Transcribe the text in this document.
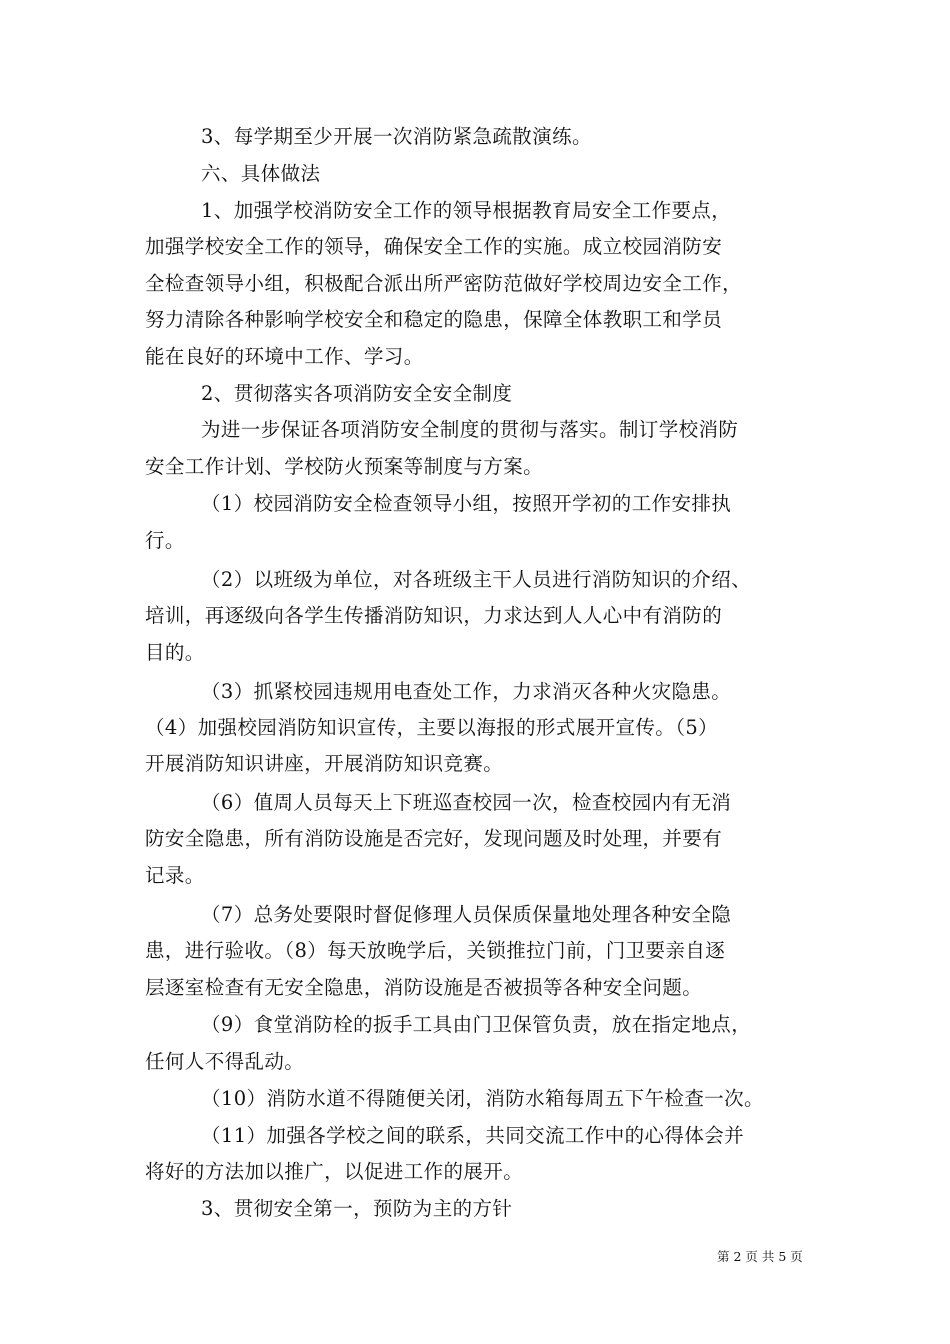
3、每学期至少开展一次消防紧急疏散演练。
六、具体做法
1、加强学校消防安全工作的领导根据教育局安全工作要点，
加强学校安全工作的领导，确保安全工作的实施。成立校园消防安
全检查领导小组，积极配合派出所严密防范做好学校周边安全工作，
努力清除各种影响学校安全和稳定的隐患，保障全体教职工和学员
能在良好的环境中工作、学习。
2、贯彻落实各项消防安全安全制度
为进一步保证各项消防安全制度的贯彻与落实。制订学校消防
安全工作计划、学校防火预案等制度与方案。
（1）校园消防安全检查领导小组，按照开学初的工作安排执
行。
（2）以班级为单位，对各班级主干人员进行消防知识的介绍、
培训，再逐级向各学生传播消防知识，力求达到人人心中有消防的
目的。
（3）抓紧校园违规用电查处工作，力求消灭各种火灾隐患。
（4）加强校园消防知识宣传，主要以海报的形式展开宣传。（5）
开展消防知识讲座，开展消防知识竞赛。
（6）值周人员每天上下班巡查校园一次，检查校园内有无消
防安全隐患，所有消防设施是否完好，发现问题及时处理，并要有
记录。
（7）总务处要限时督促修理人员保质保量地处理各种安全隐
患，进行验收。（8）每天放晚学后，关锁推拉门前，门卫要亲自逐
层逐室检查有无安全隐患，消防设施是否被损等各种安全问题。
（9）食堂消防栓的扳手工具由门卫保管负责，放在指定地点，
任何人不得乱动。
（10）消防水道不得随便关闭，消防水箱每周五下午检查一次。
（11）加强各学校之间的联系，共同交流工作中的心得体会并
将好的方法加以推广，以促进工作的展开。
3、贯彻安全第一，预防为主的方针
第 2 页 共 5 页
